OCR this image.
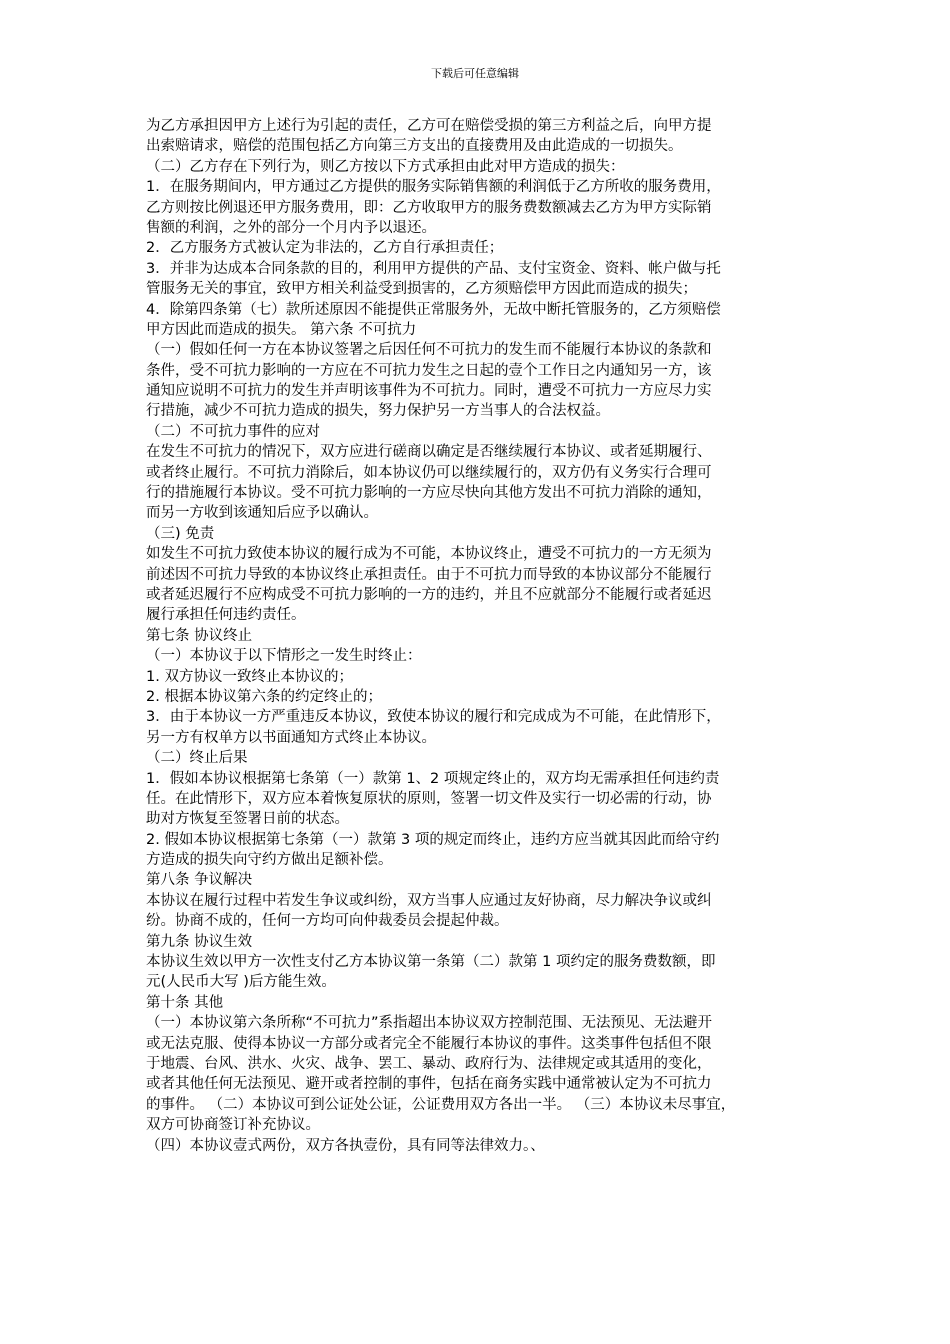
下载后可任意编辑
为乙方承担因甲方上述行为引起的责任，乙方可在赔偿受损的第三方利益之后，向甲方提
出索赔请求，赔偿的范围包括乙方向第三方支出的直接费用及由此造成的一切损失。
（二）乙方存在下列行为，则乙方按以下方式承担由此对甲方造成的损失：
1．在服务期间内，甲方通过乙方提供的服务实际销售额的利润低于乙方所收的服务费用，
乙方则按比例退还甲方服务费用，即：乙方收取甲方的服务费数额减去乙方为甲方实际销
售额的利润，之外的部分一个月内予以退还。
2．乙方服务方式被认定为非法的，乙方自行承担责任；
3．并非为达成本合同条款的目的，利用甲方提供的产品、支付宝资金、资料、帐户做与托
管服务无关的事宜，致甲方相关利益受到损害的，乙方须赔偿甲方因此而造成的损失；
4．除第四条第（七）款所述原因不能提供正常服务外，无故中断托管服务的，乙方须赔偿
甲方因此而造成的损失。 第六条 不可抗力
（一）假如任何一方在本协议签署之后因任何不可抗力的发生而不能履行本协议的条款和
条件，受不可抗力影响的一方应在不可抗力发生之日起的壹个工作日之内通知另一方，该
通知应说明不可抗力的发生并声明该事件为不可抗力。同时，遭受不可抗力一方应尽力实
行措施，减少不可抗力造成的损失，努力保护另一方当事人的合法权益。
（二）不可抗力事件的应对
在发生不可抗力的情况下，双方应进行磋商以确定是否继续履行本协议、或者延期履行、
或者终止履行。不可抗力消除后，如本协议仍可以继续履行的，双方仍有义务实行合理可
行的措施履行本协议。受不可抗力影响的一方应尽快向其他方发出不可抗力消除的通知，
而另一方收到该通知后应予以确认。
（三) 免责
如发生不可抗力致使本协议的履行成为不可能，本协议终止，遭受不可抗力的一方无须为
前述因不可抗力导致的本协议终止承担责任。由于不可抗力而导致的本协议部分不能履行
或者延迟履行不应构成受不可抗力影响的一方的违约，并且不应就部分不能履行或者延迟
履行承担任何违约责任。
第七条 协议终止
（一）本协议于以下情形之一发生时终止：
1. 双方协议一致终止本协议的；
2. 根据本协议第六条的约定终止的；
3．由于本协议一方严重违反本协议，致使本协议的履行和完成成为不可能，在此情形下，
另一方有权单方以书面通知方式终止本协议。
（二）终止后果
1．假如本协议根据第七条第（一）款第 1、2 项规定终止的，双方均无需承担任何违约责
任。在此情形下，双方应本着恢复原状的原则，签署一切文件及实行一切必需的行动，协
助对方恢复至签署日前的状态。
2. 假如本协议根据第七条第（一）款第 3 项的规定而终止，违约方应当就其因此而给守约
方造成的损失向守约方做出足额补偿。
第八条 争议解决
本协议在履行过程中若发生争议或纠纷，双方当事人应通过友好协商，尽力解决争议或纠
纷。协商不成的，任何一方均可向仲裁委员会提起仲裁。
第九条 协议生效
本协议生效以甲方一次性支付乙方本协议第一条第（二）款第 1 项约定的服务费数额，即
元(人民币大写 )后方能生效。
第十条 其他
（一）本协议第六条所称“不可抗力”系指超出本协议双方控制范围、无法预见、无法避开
或无法克服、使得本协议一方部分或者完全不能履行本协议的事件。这类事件包括但不限
于地震、台风、洪水、火灾、战争、罢工、暴动、政府行为、法律规定或其适用的变化，
或者其他任何无法预见、避开或者控制的事件，包括在商务实践中通常被认定为不可抗力
的事件。 （二）本协议可到公证处公证，公证费用双方各出一半。 （三）本协议未尽事宜，
双方可协商签订补充协议。
（四）本协议壹式两份，双方各执壹份，具有同等法律效力。、
